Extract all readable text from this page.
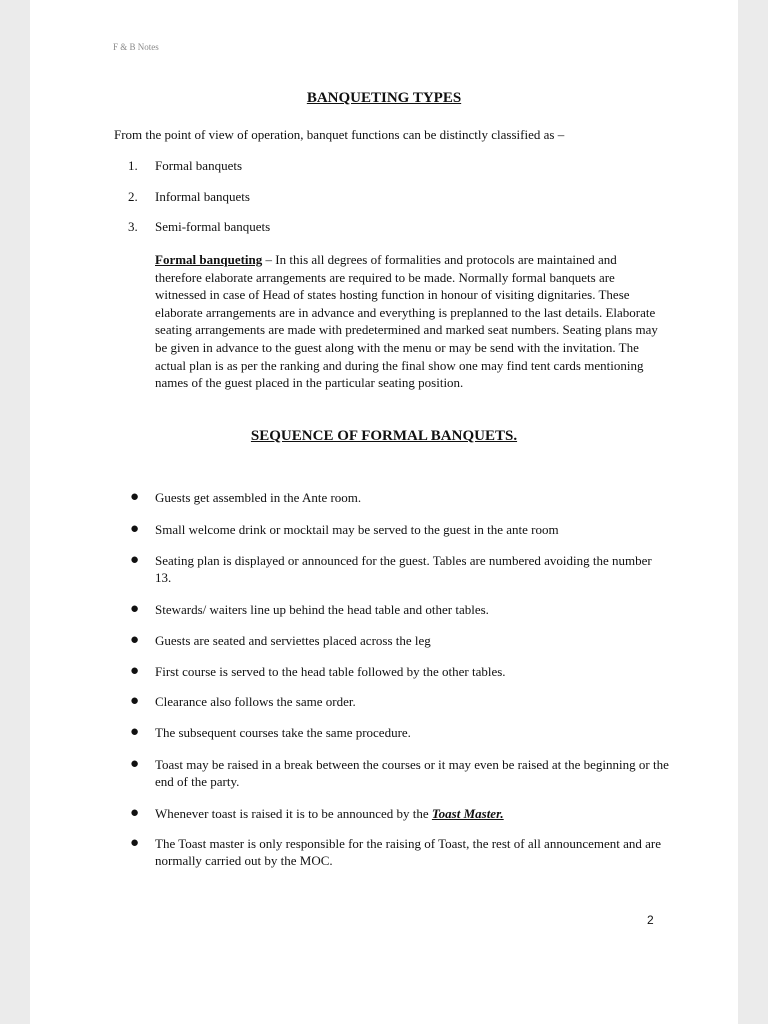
F & B Notes
BANQUETING TYPES
From the point of view of operation, banquet functions can be distinctly classified as –
1.	Formal banquets
2.	Informal banquets
3.	Semi-formal banquets

Formal banqueting – In this all degrees of formalities and protocols are maintained and therefore elaborate arrangements are required to be made. Normally formal banquets are witnessed in case of Head of states hosting function in honour of visiting dignitaries. These elaborate arrangements are in advance and everything is preplanned to the last details. Elaborate seating arrangements are made with predetermined and marked seat numbers. Seating plans may be given in advance to the guest along with the menu or may be send with the invitation. The actual plan is as per the ranking and during the final show one may find tent cards mentioning names of the guest placed in the particular seating position.

SEQUENCE OF FORMAL BANQUETS.
●	Guests get assembled in the Ante room.
●	Small welcome drink or mocktail may be served to the guest in the ante room
●	Seating plan is displayed or announced for the guest. Tables are numbered avoiding the number 13.
●	Stewards/ waiters line up behind the head table and other tables.
●	Guests are seated and serviettes placed across the leg
●	First course is served to the head table followed by the other tables.
●	Clearance also follows the same order.
●	The subsequent courses take the same procedure.
●	Toast may be raised in a break between the courses or it may even be raised at the beginning or the end of the party.
●	Whenever toast is raised it is to be announced by the Toast Master.
●	The Toast master is only responsible for the raising of Toast, the rest of all announcement and are normally carried out by the MOC.
2
